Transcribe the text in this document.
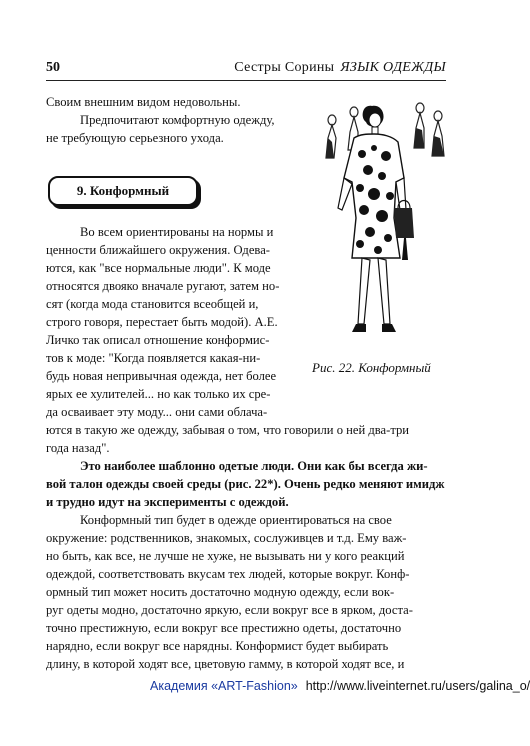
50	Сестры Сорины ЯЗЫК ОДЕЖДЫ
Своим внешним видом недовольны.
Предпочитают комфортную одежду,
не требующую серьезного ухода.
9. Конформный
Во всем ориентированы на нормы и
ценности ближайшего окружения. Одева-
ются, как "все нормальные люди". К моде
относятся двояко вначале ругают, затем но-
сят (когда мода становится всеобщей и,
строго говоря, перестает быть модой). А.Е.
Личко так описал отношение конформис-
тов к моде: "Когда появляется какая-ни-
будь новая непривычная одежда, нет более
ярых ее хулителей... но как только их сре-
да осваивает эту моду... они сами облача-
Рис. 22. Конформный
ются в такую же одежду, забывая о том, что говорили о ней два-три
года назад".
Это наиболее шаблонно одетые люди. Они как бы всегда жи-
вой талон одежды своей среды (рис. 22*). Очень редко меняют имидж
и трудно идут на эксперименты с одеждой.
Конформный тип будет в одежде ориентироваться на свое
окружение: родственников, знакомых, сослуживцев и т.д. Ему важ-
но быть, как все, не лучше не хуже, не вызывать ни у кого реакций
одеждой, соответствовать вкусам тех людей, которые вокруг. Конф-
ормный тип может носить достаточно модную одежду, если вок-
руг одеты модно, достаточно яркую, если вокруг все в ярком, доста-
точно престижную, если вокруг все престижно одеты, достаточно
нарядно, если вокруг все нарядны. Конформист будет выбирать
длину, в которой ходят все, цветовую гамму, в которой ходят все, и
Академия «ART-Fashion» http://www.liveinternet.ru/users/galina_o/
